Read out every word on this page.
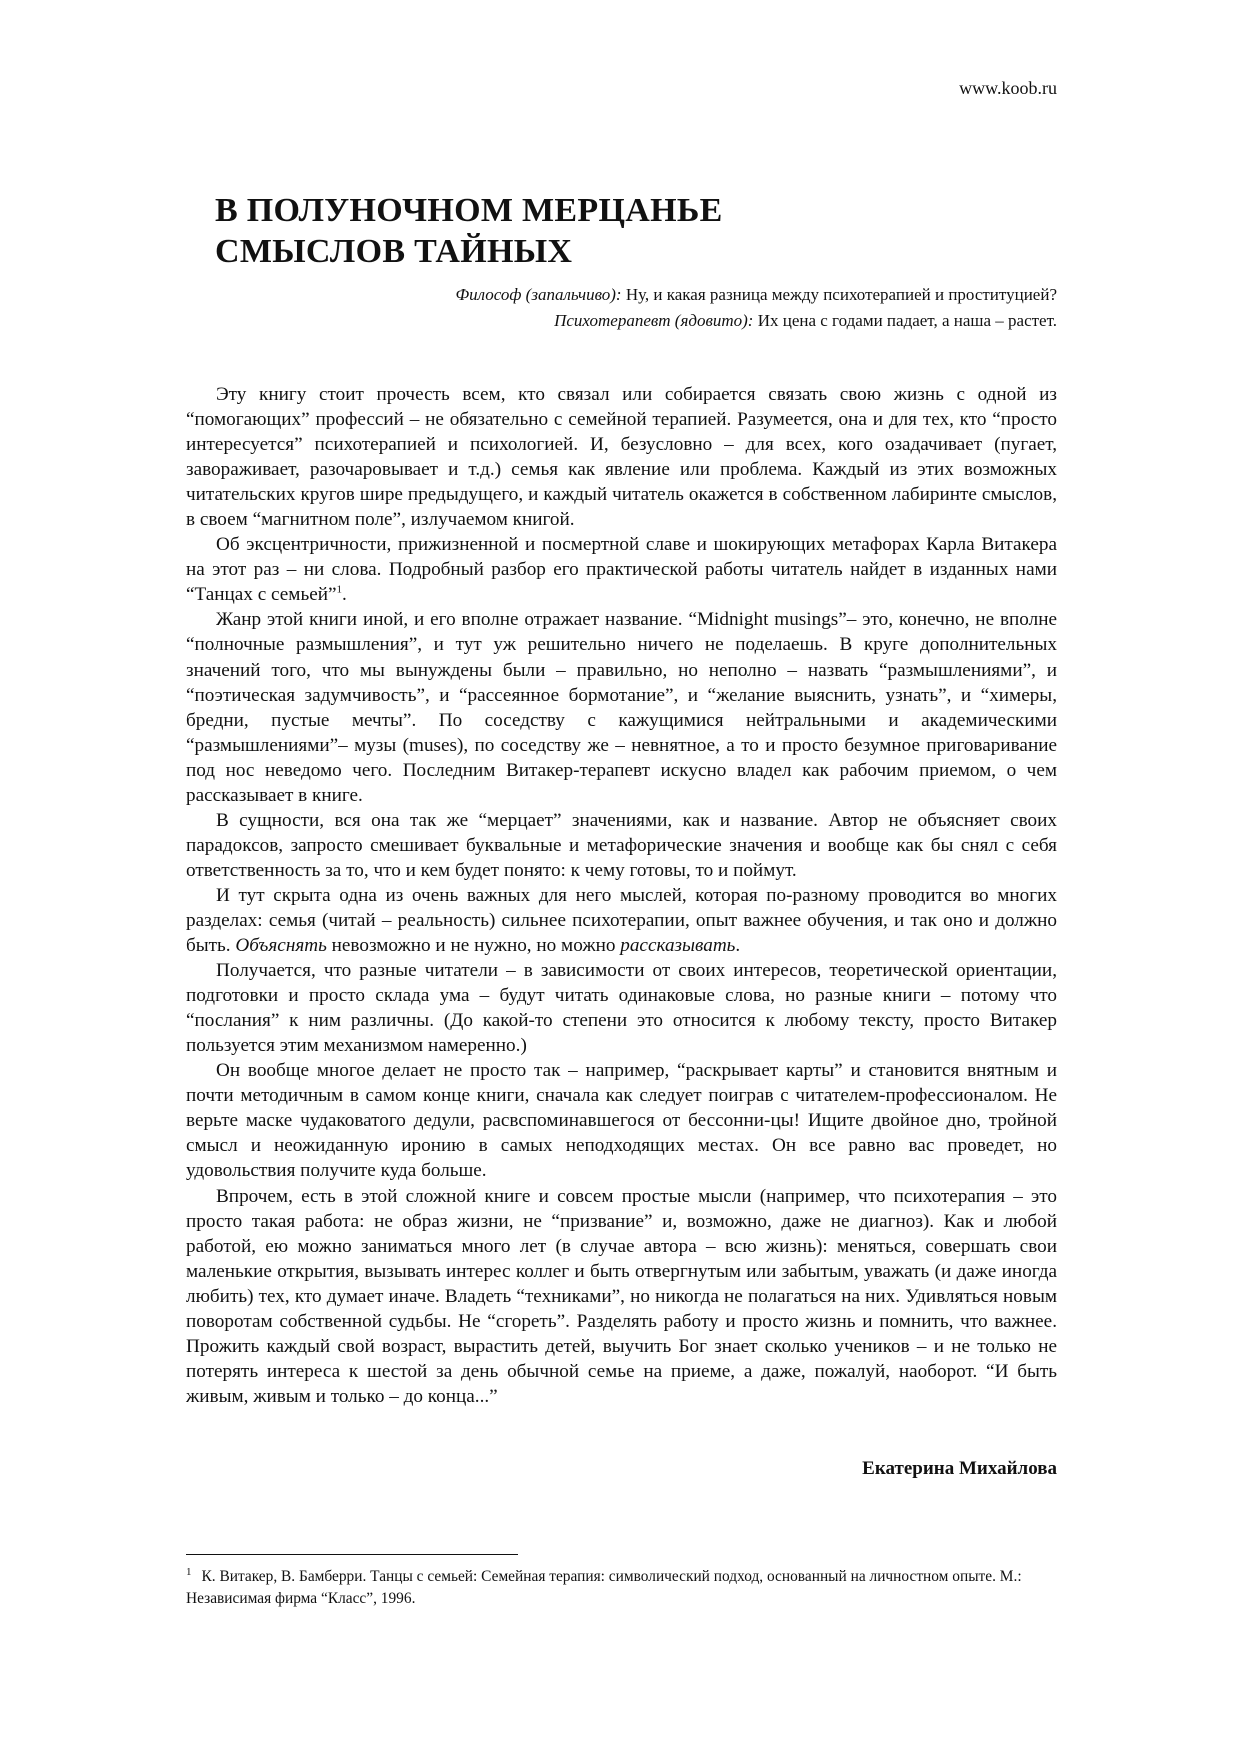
www.koob.ru
В ПОЛУНОЧНОМ МЕРЦАНЬЕ
СМЫСЛОВ ТАЙНЫХ
Философ (запальчиво): Ну, и какая разница между психотерапией и проституцией?
Психотерапевт (ядовито): Их цена с годами падает, а наша – растет.

Эту книгу стоит прочесть всем, кто связал или собирается связать свою жизнь с одной из “помогающих” профессий – не обязательно с семейной терапией. Разумеется, она и для тех, кто “просто интересуется” психотерапией и психологией. И, безусловно – для всех, кого озадачивает (пугает, завораживает, разочаровывает и т.д.) семья как явление или проблема. Каждый из этих возможных читательских кругов шире предыдущего, и каждый читатель окажется в собственном лабиринте смыслов, в своем “магнитном поле”, излучаемом книгой.

Об эксцентричности, прижизненной и посмертной славе и шокирующих метафорах Карла Витакера на этот раз – ни слова. Подробный разбор его практической работы читатель найдет в изданных нами “Танцах с семьей”$^1$.

Жанр этой книги иной, и его вполне отражает название. “Midnight musings”– это, конечно, не вполне “полночные размышления”, и тут уж решительно ничего не поделаешь. В круге дополнительных значений того, что мы вынуждены были – правильно, но неполно – назвать “размышлениями”, и “поэтическая задумчивость”, и “рассеянное бормотание”, и “желание выяснить, узнать”, и “химеры, бредни, пустые мечты”. По соседству с кажущимися нейтральными и академическими “размышлениями”– музы (muses), по соседству же – невнятное, а то и просто безумное приговаривание под нос неведомо чего. Последним Витакер-терапевт искусно владел как рабочим приемом, о чем рассказывает в книге.

В сущности, вся она так же “мерцает” значениями, как и название. Автор не объясняет своих парадоксов, запросто смешивает буквальные и метафорические значения и вообще как бы снял с себя ответственность за то, что и кем будет понято: к чему готовы, то и поймут.

И тут скрыта одна из очень важных для него мыслей, которая по-разному проводится во многих разделах: семья (читай – реальность) сильнее психотерапии, опыт важнее обучения, и так оно и должно быть. Объяснять невозможно и не нужно, но можно рассказывать.

Получается, что разные читатели – в зависимости от своих интересов, теоретической ориентации, подготовки и просто склада ума – будут читать одинаковые слова, но разные книги – потому что “послания” к ним различны. (До какой-то степени это относится к любому тексту, просто Витакер пользуется этим механизмом намеренно.)

Он вообще многое делает не просто так – например, “раскрывает карты” и становится внятным и почти методичным в самом конце книги, сначала как следует поиграв с читателем-профессионалом. Не верьте маске чудаковатого дедули, расвспоминавшегося от бессонни-цы! Ищите двойное дно, тройной смысл и неожиданную иронию в самых неподходящих местах. Он все равно вас проведет, но удовольствия получите куда больше.

Впрочем, есть в этой сложной книге и совсем простые мысли (например, что психотерапия – это просто такая работа: не образ жизни, не “призвание” и, возможно, даже не диагноз). Как и любой работой, ею можно заниматься много лет (в случае автора – всю жизнь): меняться, совершать свои маленькие открытия, вызывать интерес коллег и быть отвергнутым или забытым, уважать (и даже иногда любить) тех, кто думает иначе. Владеть “техниками”, но никогда не полагаться на них. Удивляться новым поворотам собственной судьбы. Не “сгореть”. Разделять работу и просто жизнь и помнить, что важнее. Прожить каждый свой возраст, вырастить детей, выучить Бог знает сколько учеников – и не только не потерять интереса к шестой за день обычной семье на приеме, а даже, пожалуй, наоборот. “И быть живым, живым и только – до конца...”

Екатерина Михайлова
$^1$ К. Витакер, В. Бамберри. Танцы с семьей: Семейная терапия: символический подход, основанный на личностном опыте. М.: Независимая фирма “Класс”, 1996.
